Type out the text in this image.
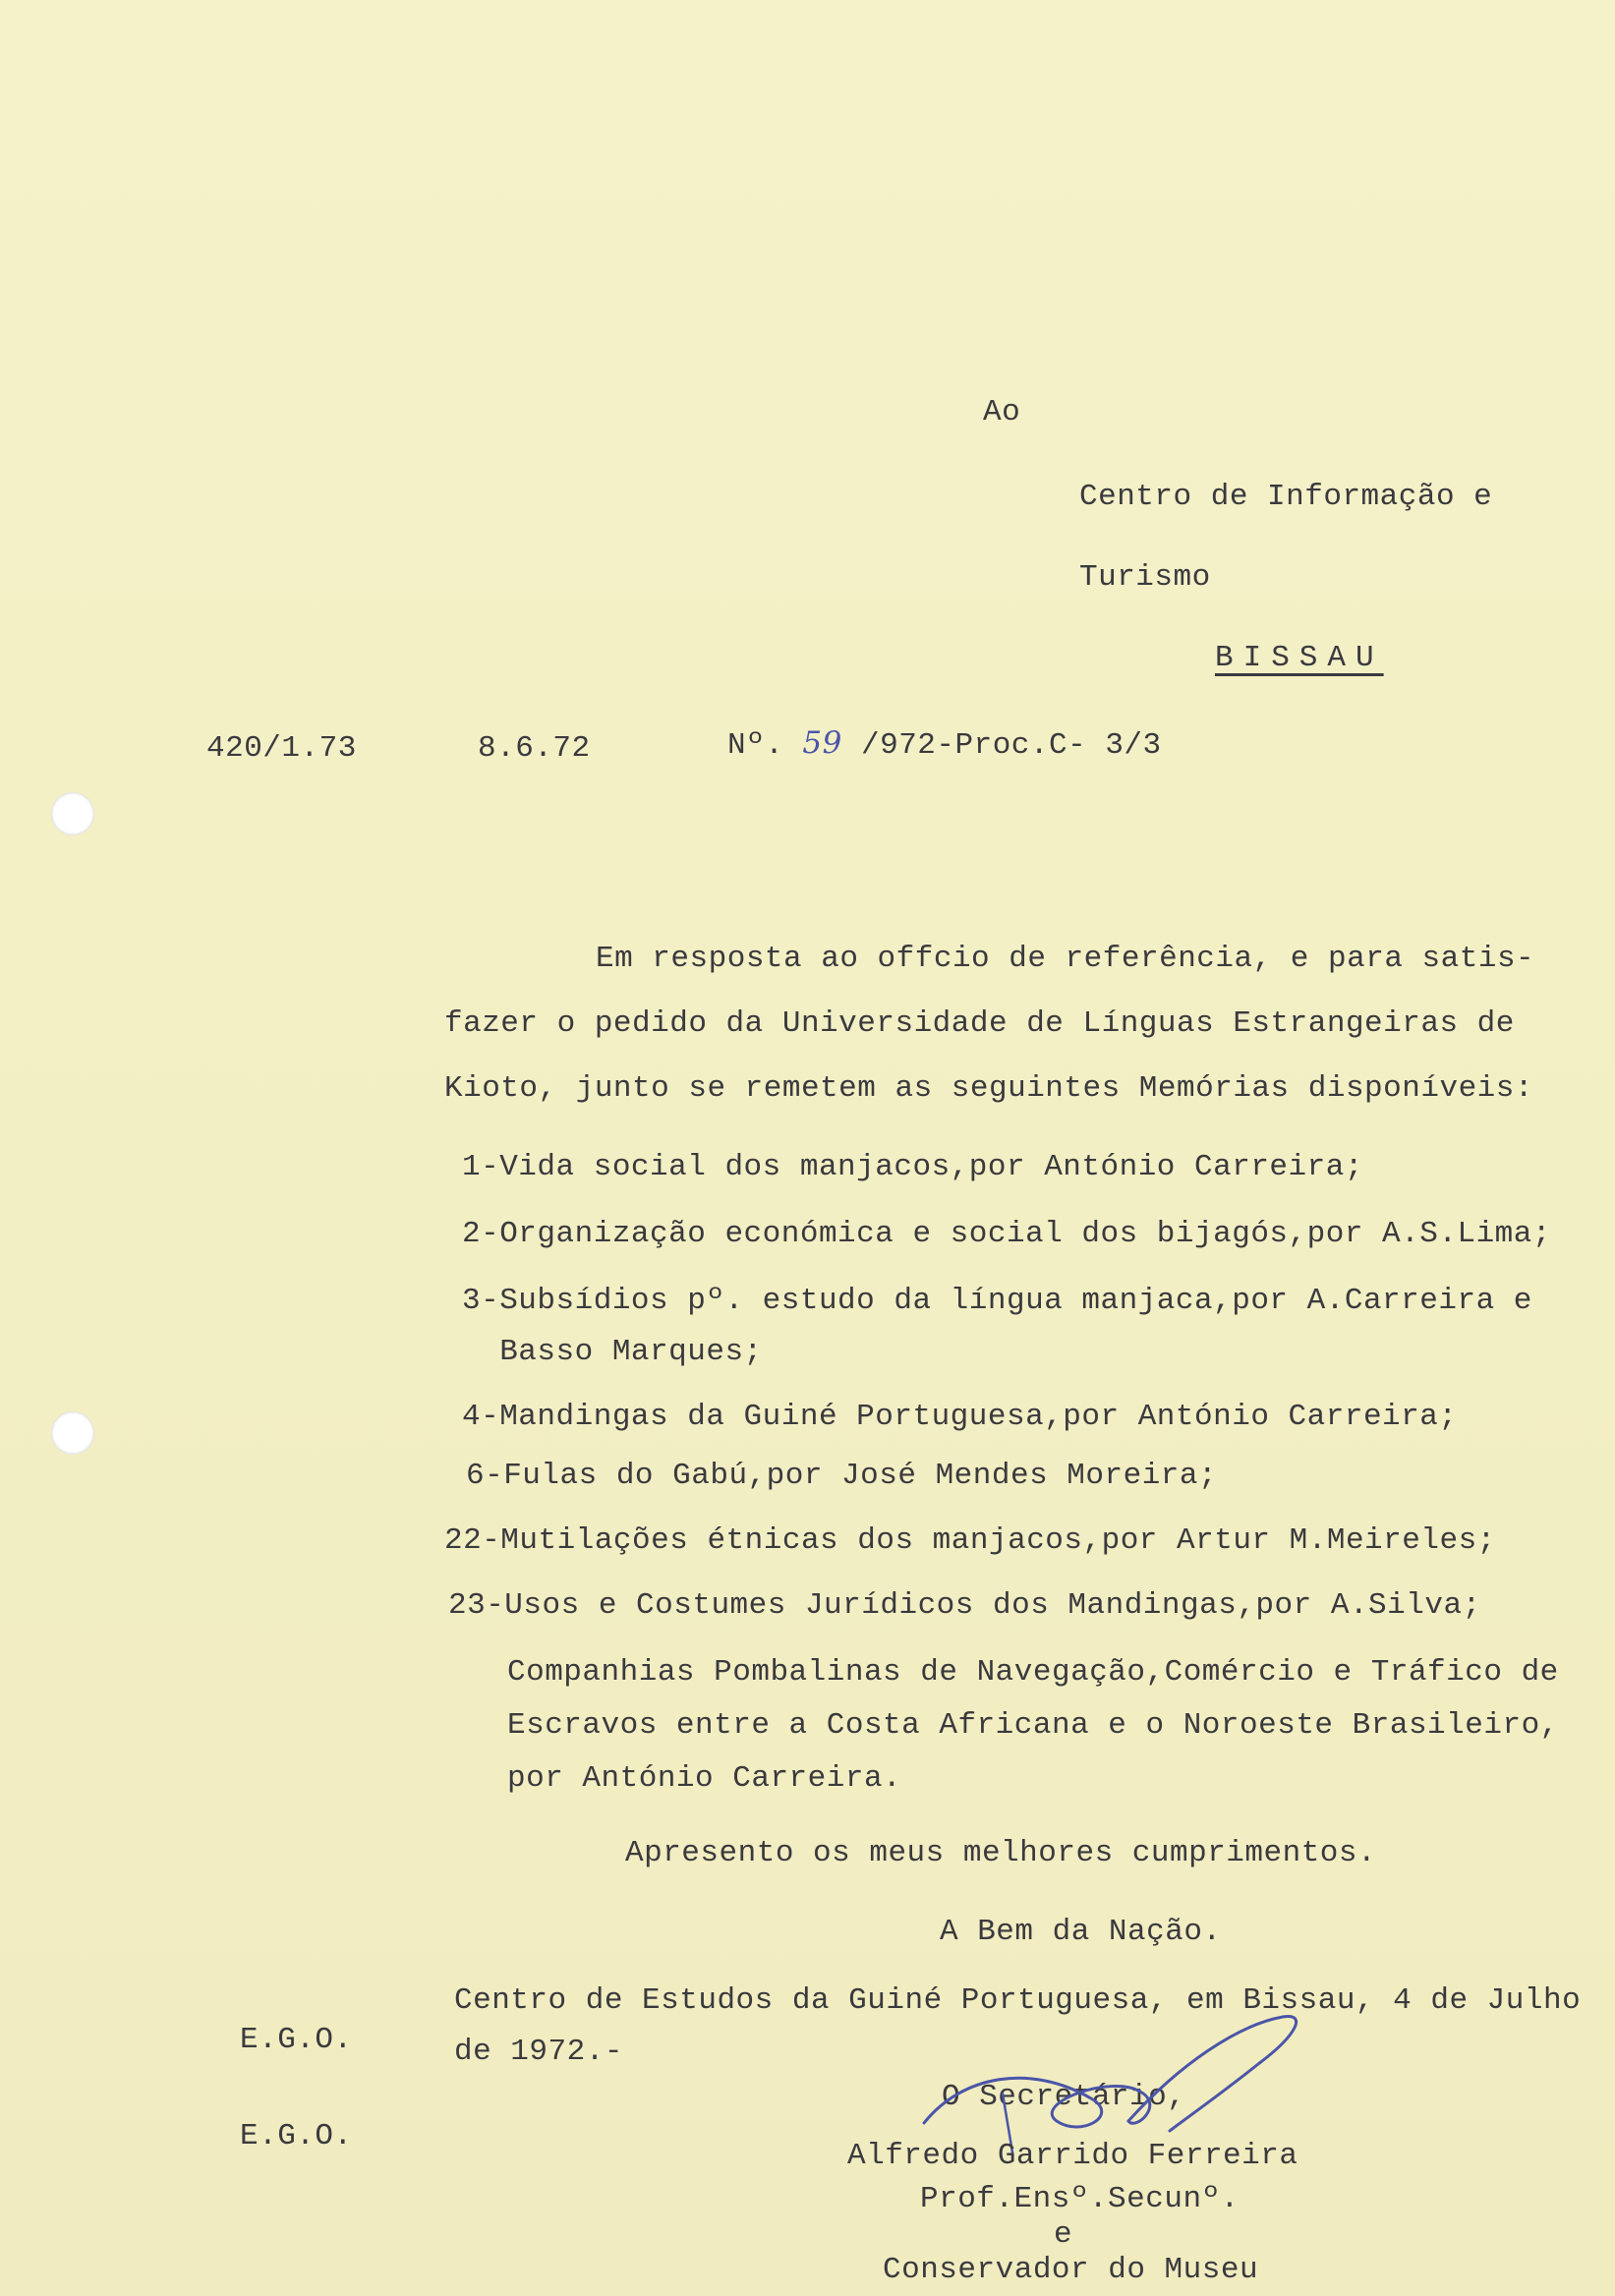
Ao
Centro de Informação e
Turismo
BISSAU
420/1.73	8.6.72	Nº. 59 /972-Proc.C- 3/3
Em resposta ao offcio de referência, e para satis-
fazer o pedido da Universidade de Línguas Estrangeiras de
Kioto, junto se remetem as seguintes Memórias disponíveis:
1-Vida social dos manjacos,por António Carreira;
2-Organização económica e social dos bijagós,por A.S.Lima;
3-Subsídios pº. estudo da língua manjaca,por A.Carreira e
Basso Marques;
4-Mandingas da Guiné Portuguesa,por António Carreira;
6-Fulas do Gabú,por José Mendes Moreira;
22-Mutilações étnicas dos manjacos,por Artur M.Meireles;
23-Usos e Costumes Jurídicos dos Mandingas,por A.Silva;
Companhias Pombalinas de Navegação,Comércio e Tráfico de
Escravos entre a Costa Africana e o Noroeste Brasileiro,
por António Carreira.
Apresento os meus melhores cumprimentos.
A Bem da Nação.
Centro de Estudos da Guiné Portuguesa, em Bissau, 4 de Julho
de 1972.-
E.G.O.
E.G.O.
O Secretário,
Alfredo Garrido Ferreira
Prof.Ensº.Secunº.
e
Conservador do Museu
